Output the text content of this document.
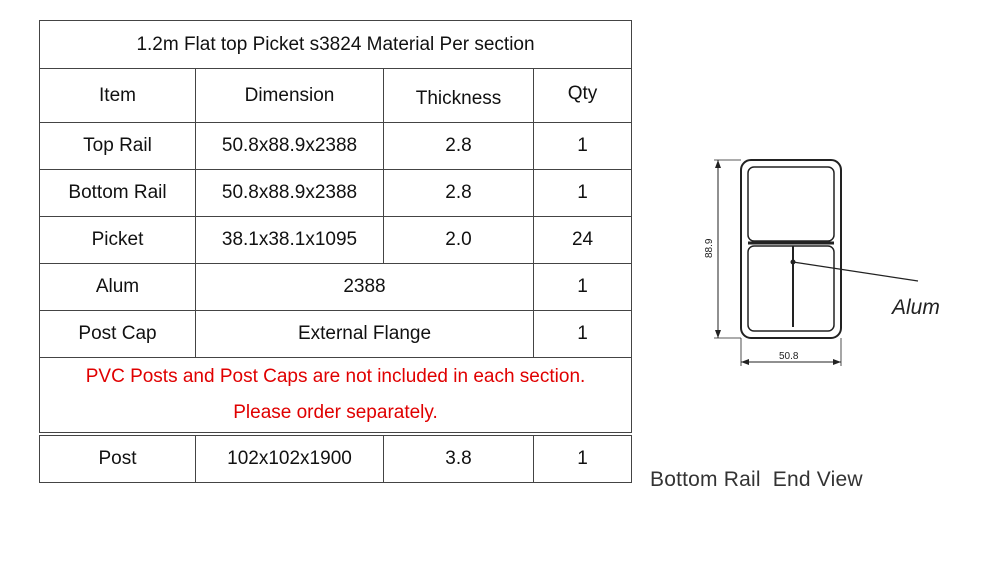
1.2m Flat top Picket s3824 Material Per section			
Item	Dimension	Thickness	Qty
Top Rail	50.8x88.9x2388	2.8	1
Bottom Rail	50.8x88.9x2388	2.8	1
Picket	38.1x38.1x1095	2.0	24
Alum	2388		1
Post Cap	External Flange		1

PVC Posts and Post Caps are not included in each section.
Please order separately.			
Post	102x102x1900	3.8	1
Alum
88.9
50.8
Bottom Rail  End View
